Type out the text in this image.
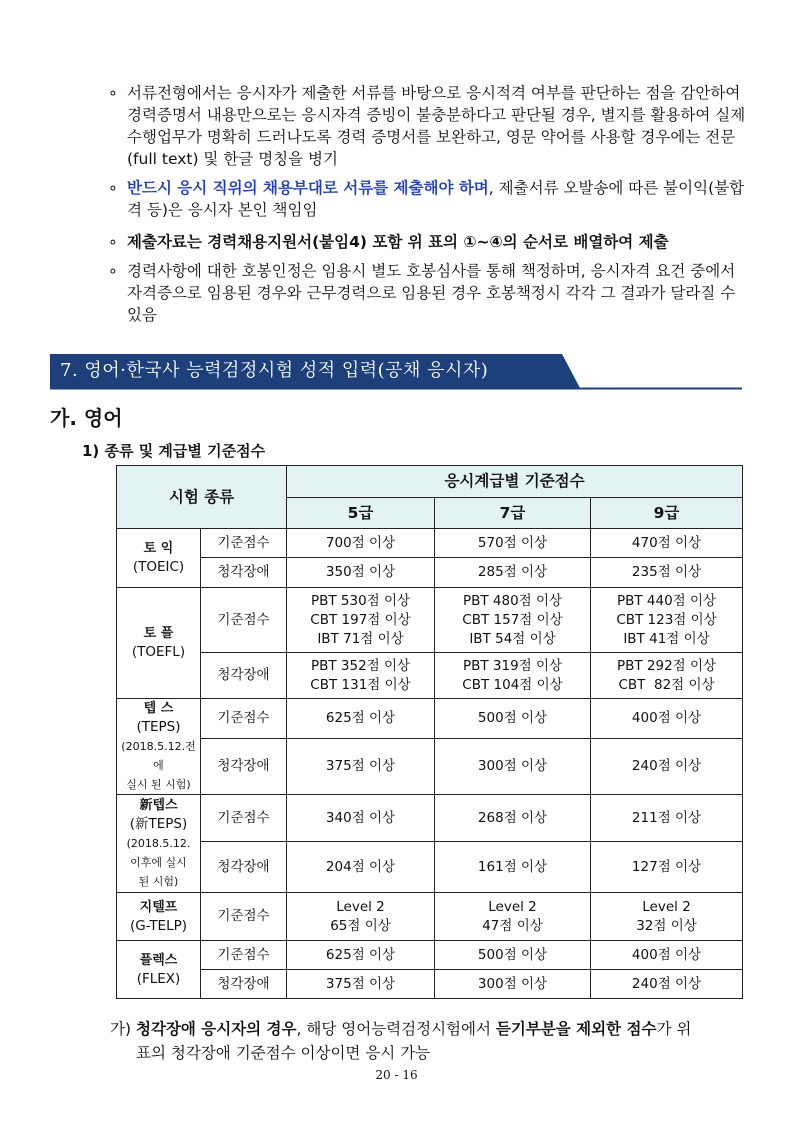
∘ 서류전형에서는 응시자가 제출한 서류를 바탕으로 응시적격 여부를 판단하는 점을 감안하여 경력증명서 내용만으로는 응시자격 증빙이 불충분하다고 판단될 경우, 별지를 활용하여 실제 수행업무가 명확히 드러나도록 경력 증명서를 보완하고, 영문 약어를 사용할 경우에는 전문(full text) 및 한글 명칭을 병기
∘ 반드시 응시 직위의 채용부대로 서류를 제출해야 하며, 제출서류 오발송에 따른 불이익(불합격 등)은 응시자 본인 책임임
∘ 제출자료는 경력채용지원서(붙임4) 포함 위 표의 ①~④의 순서로 배열하여 제출
∘ 경력사항에 대한 호봉인정은 임용시 별도 호봉심사를 통해 책정하며, 응시자격 요건 중에서 자격증으로 임용된 경우와 근무경력으로 임용된 경우 호봉책정시 각각 그 결과가 달라질 수 있음
7. 영어·한국사 능력검정시험 성적 입력(공채 응시자)
가. 영어
1) 종류 및 계급별 기준점수
시험 종류		응시계급별 기준점수		
		5급	7급	9급
토 익
(TOEIC)	기준점수	700점 이상	570점 이상	470점 이상
	청각장애	350점 이상	285점 이상	235점 이상
토 플
(TOEFL)	기준점수	PBT 530점 이상
CBT 197점 이상
IBT 71점 이상	PBT 480점 이상
CBT 157점 이상
IBT 54점 이상	PBT 440점 이상
CBT 123점 이상
IBT 41점 이상
	청각장애	PBT 352점 이상
CBT 131점 이상	PBT 319점 이상
CBT 104점 이상	PBT 292점 이상
CBT  82점 이상
텝 스
(TEPS)
(2018.5.12.전에
실시 된 시험)	기준점수	625점 이상	500점 이상	400점 이상
	청각장애	375점 이상	300점 이상	240점 이상
新텝스
(新TEPS)
(2018.5.12.
이후에 실시
된 시험)	기준점수	340점 이상	268점 이상	211점 이상
	청각장애	204점 이상	161점 이상	127점 이상
지텔프
(G-TELP)	기준점수	Level 2
65점 이상	Level 2
47점 이상	Level 2
32점 이상
플렉스
(FLEX)	기준점수	625점 이상	500점 이상	400점 이상
	청각장애	375점 이상	300점 이상	240점 이상
가) 청각장애 응시자의 경우, 해당 영어능력검정시험에서 듣기부분을 제외한 점수가 위
표의 청각장애 기준점수 이상이면 응시 가능
20 - 16
